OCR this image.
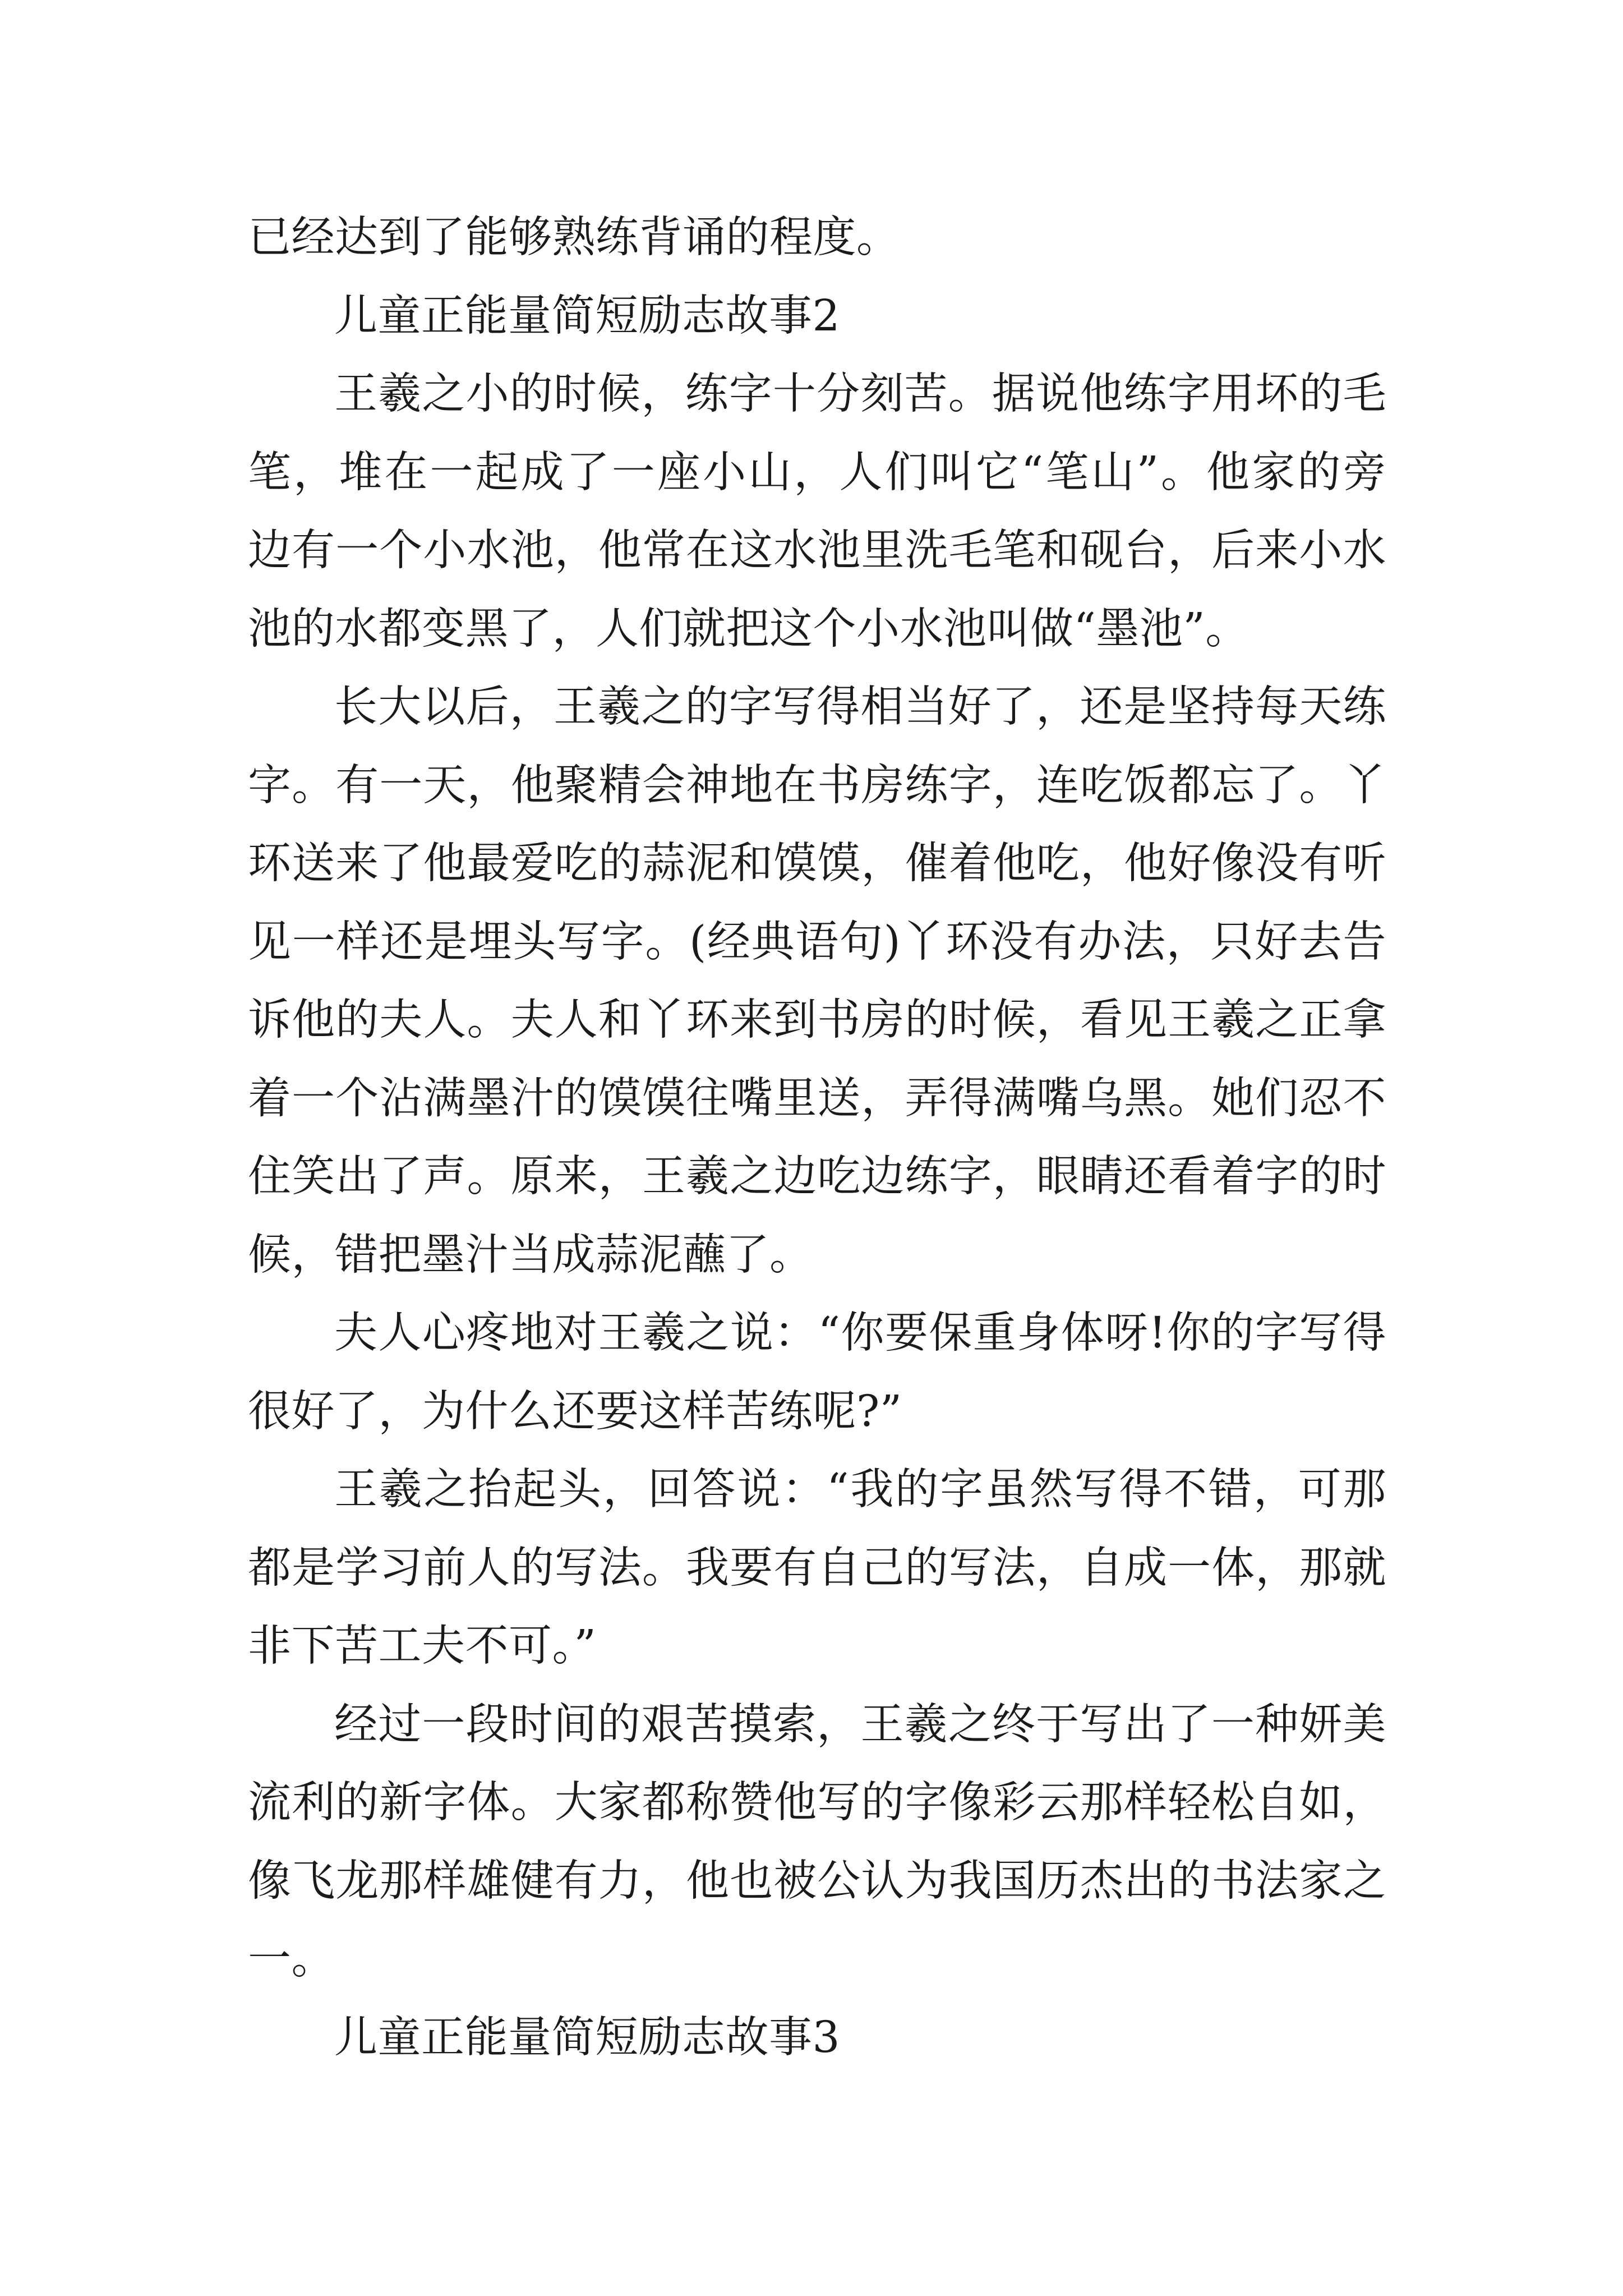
已经达到了能够熟练背诵的程度。
儿童正能量简短励志故事2
王羲之小的时候，练字十分刻苦。据说他练字用坏的毛
笔，堆在一起成了一座小山，人们叫它“笔山”。他家的旁
边有一个小水池，他常在这水池里洗毛笔和砚台，后来小水
池的水都变黑了，人们就把这个小水池叫做“墨池”。
长大以后，王羲之的字写得相当好了，还是坚持每天练
字。有一天，他聚精会神地在书房练字，连吃饭都忘了。丫
环送来了他最爱吃的蒜泥和馍馍，催着他吃，他好像没有听
见一样还是埋头写字。(经典语句)丫环没有办法，只好去告
诉他的夫人。夫人和丫环来到书房的时候，看见王羲之正拿
着一个沾满墨汁的馍馍往嘴里送，弄得满嘴乌黑。她们忍不
住笑出了声。原来，王羲之边吃边练字，眼睛还看着字的时
候，错把墨汁当成蒜泥蘸了。
夫人心疼地对王羲之说：“你要保重身体呀!你的字写得
很好了，为什么还要这样苦练呢?”
王羲之抬起头，回答说：“我的字虽然写得不错，可那
都是学习前人的写法。我要有自己的写法，自成一体，那就
非下苦工夫不可。”
经过一段时间的艰苦摸索，王羲之终于写出了一种妍美
流利的新字体。大家都称赞他写的字像彩云那样轻松自如，
像飞龙那样雄健有力，他也被公认为我国历杰出的书法家之
一。
儿童正能量简短励志故事3
